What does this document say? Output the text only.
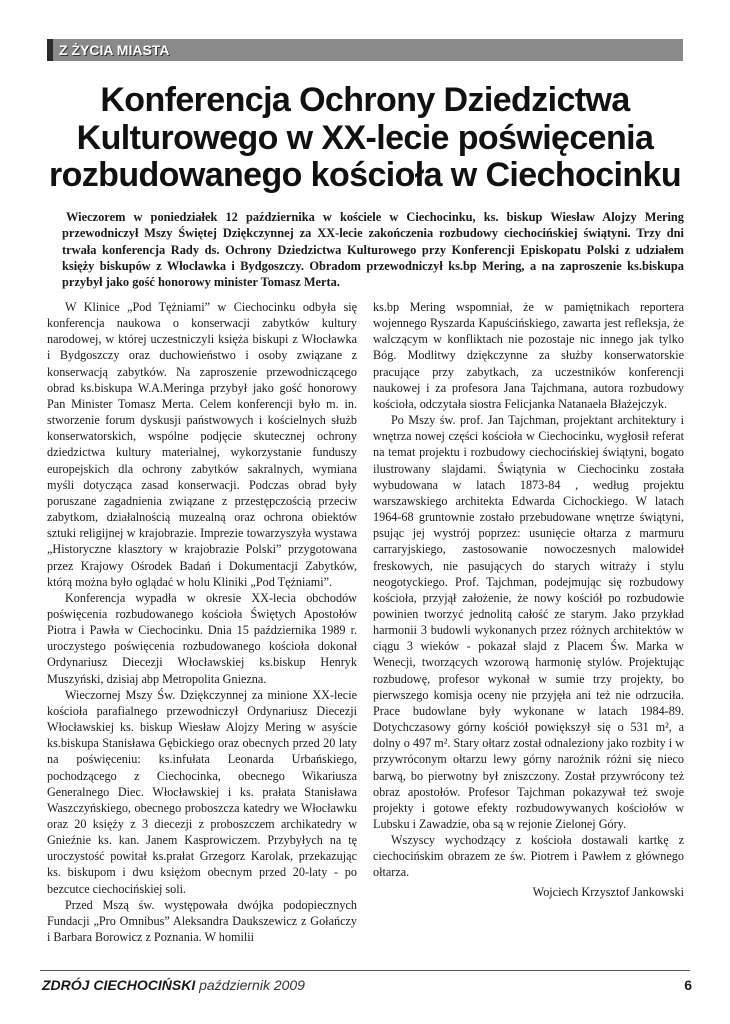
Z ŻYCIA MIASTA
Konferencja Ochrony Dziedzictwa
Kulturowego w XX-lecie poświęcenia
rozbudowanego kościoła w Ciechocinku

Wieczorem w poniedziałek 12 października w kościele w Ciechocinku, ks. biskup Wiesław Alojzy Mering przewodniczył Mszy Świętej Dziękczynnej za XX-lecie zakończenia rozbudowy ciechocińskiej świątyni. Trzy dni trwała konferencja Rady ds. Ochrony Dziedzictwa Kulturowego przy Konferencji Episkopatu Polski z udziałem księży biskupów z Włocławka i Bydgoszczy. Obradom przewodniczył ks.bp Mering, a na zaproszenie ks.biskupa przybył jako gość honorowy minister Tomasz Merta.

W Klinice „Pod Tężniami” w Ciechocinku odbyła się konferencja naukowa o konserwacji zabytków kultury narodowej, w której uczestniczyli księża biskupi z Włocławka i Bydgoszczy oraz duchowieństwo i osoby związane z konserwacją zabytków. Na zaproszenie przewodniczącego obrad ks.biskupa W.A.Meringa przybył jako gość honorowy Pan Minister Tomasz Merta. Celem konferencji było m. in. stworzenie forum dyskusji państwowych i kościelnych służb konserwatorskich, wspólne podjęcie skutecznej ochrony dziedzictwa kultury materialnej, wykorzystanie funduszy europejskich dla ochrony zabytków sakralnych, wymiana myśli dotycząca zasad konserwacji. Podczas obrad były poruszane zagadnienia związane z przestępczością przeciw zabytkom, działalnością muzealną oraz ochrona obiektów sztuki religijnej w krajobrazie. Imprezie towarzyszyła wystawa „Historyczne klasztory w krajobrazie Polski” przygotowana przez Krajowy Ośrodek Badań i Dokumentacji Zabytków, którą można było oglądać w holu Kliniki „Pod Tężniami”.

Konferencja wypadła w okresie XX-lecia obchodów poświęcenia rozbudowanego kościoła Świętych Apostołów Piotra i Pawła w Ciechocinku. Dnia 15 października 1989 r. uroczystego poświęcenia rozbudowanego kościoła dokonał Ordynariusz Diecezji Włocławskiej ks.biskup Henryk Muszyński, dzisiaj abp Metropolita Gniezna.

Wieczornej Mszy Św. Dziękczynnej za minione XX-lecie kościoła parafialnego przewodniczył Ordynariusz Diecezji Włocławskiej ks. biskup Wiesław Alojzy Mering w asyście ks.biskupa Stanisława Gębickiego oraz obecnych przed 20 laty na poświęceniu: ks.infułata Leonarda Urbańskiego, pochodzącego z Ciechocinka, obecnego Wikariusza Generalnego Diec. Włocławskiej i ks. prałata Stanisława Waszczyńskiego, obecnego proboszcza katedry we Włocławku oraz 20 księży z 3 diecezji z proboszczem archikatedry w Gnieźnie ks. kan. Janem Kasprowiczem. Przybyłych na tę uroczystość powitał ks.prałat Grzegorz Karolak, przekazując ks. biskupom i dwu księżom obecnym przed 20-laty - po bezcutce ciechocińskiej soli.

Przed Mszą św. występowała dwójka podopiecznych Fundacji „Pro Omnibus” Aleksandra Daukszewicz z Gołańczy i Barbara Borowicz z Poznania. W homilii

ks.bp Mering wspomniał, że w pamiętnikach reportera wojennego Ryszarda Kapuścińskiego, zawarta jest refleksja, że walczącym w konfliktach nie pozostaje nic innego jak tylko Bóg. Modlitwy dziękczynne za służby konserwatorskie pracujące przy zabytkach, za uczestników konferencji naukowej i za profesora Jana Tajchmana, autora rozbudowy kościoła, odczytała siostra Felicjanka Natanaela Błażejczyk.

Po Mszy św. prof. Jan Tajchman, projektant architektury i wnętrza nowej części kościoła w Ciechocinku, wygłosił referat na temat projektu i rozbudowy ciechocińskiej świątyni, bogato ilustrowany slajdami. Świątynia w Ciechocinku została wybudowana w latach 1873-84 , według projektu warszawskiego architekta Edwarda Cichockiego. W latach 1964-68 gruntownie zostało przebudowane wnętrze świątyni, psując jej wystrój poprzez: usunięcie ołtarza z marmuru carraryjskiego, zastosowanie nowoczesnych malowideł freskowych, nie pasujących do starych witraży i stylu neogotyckiego. Prof. Tajchman, podejmując się rozbudowy kościoła, przyjął założenie, że nowy kościół po rozbudowie powinien tworzyć jednolitą całość ze starym. Jako przykład harmonii 3 budowli wykonanych przez różnych architektów w ciągu 3 wieków - pokazał slajd z Placem Św. Marka w Wenecji, tworzących wzorową harmonię stylów. Projektując rozbudowę, profesor wykonał w sumie trzy projekty, bo pierwszego komisja oceny nie przyjęła ani też nie odrzuciła. Prace budowlane były wykonane w latach 1984-89. Dotychczasowy górny kościół powiększył się o 531 m², a dolny o 497 m². Stary ołtarz został odnaleziony jako rozbity i w przywróconym ołtarzu lewy górny narożnik różni się nieco barwą, bo pierwotny był zniszczony. Został przywrócony też obraz apostołów. Profesor Tajchman pokazywał też swoje projekty i gotowe efekty rozbudowywanych kościołów w Lubsku i Zawadzie, oba są w rejonie Zielonej Góry.

Wszyscy wychodzący z kościoła dostawali kartkę z ciechocińskim obrazem ze św. Piotrem i Pawłem z głównego ołtarza.

Wojciech Krzysztof Jankowski

ZDRÓJ CIECHOCIŃSKI październik 2009	6
